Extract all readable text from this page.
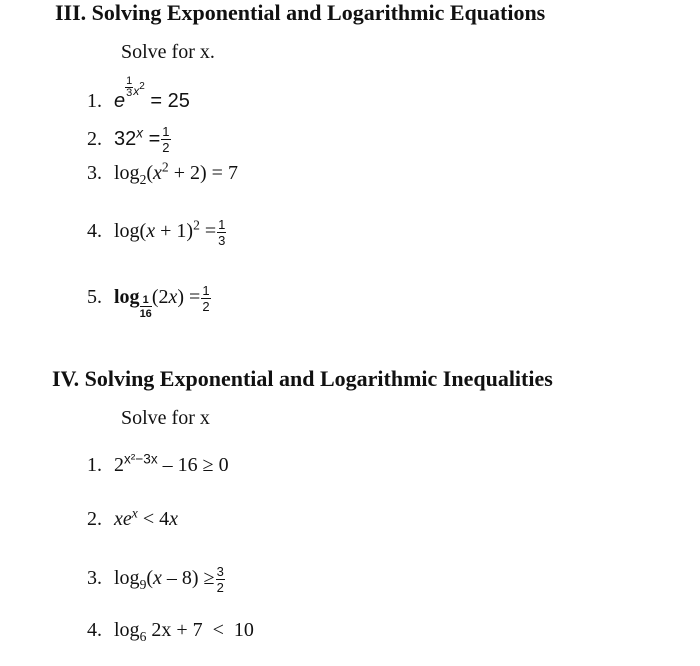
III. Solving Exponential and Logarithmic Equations
Solve for x.
1. e
$^{\frac{1}{3} x^2}$ = 25
2. $32^x = \frac{1}{2}$
3. $\log_2(x^2 + 2) = 7$
4. $\log(x + 1)^2 = \frac{1}{3}$
5. $\log \frac{1}{16} (2x) = \frac{1}{2}$
IV. Solving Exponential and Logarithmic Inequalities
Solve for x
1. $2^{x^2-3x} - 16 \ge 0$
2. $xe^x < 4x$
3. $\log_9(x - 8) \ge \frac{3}{2}$
4. $\log_6 2x + 7 < 10$
